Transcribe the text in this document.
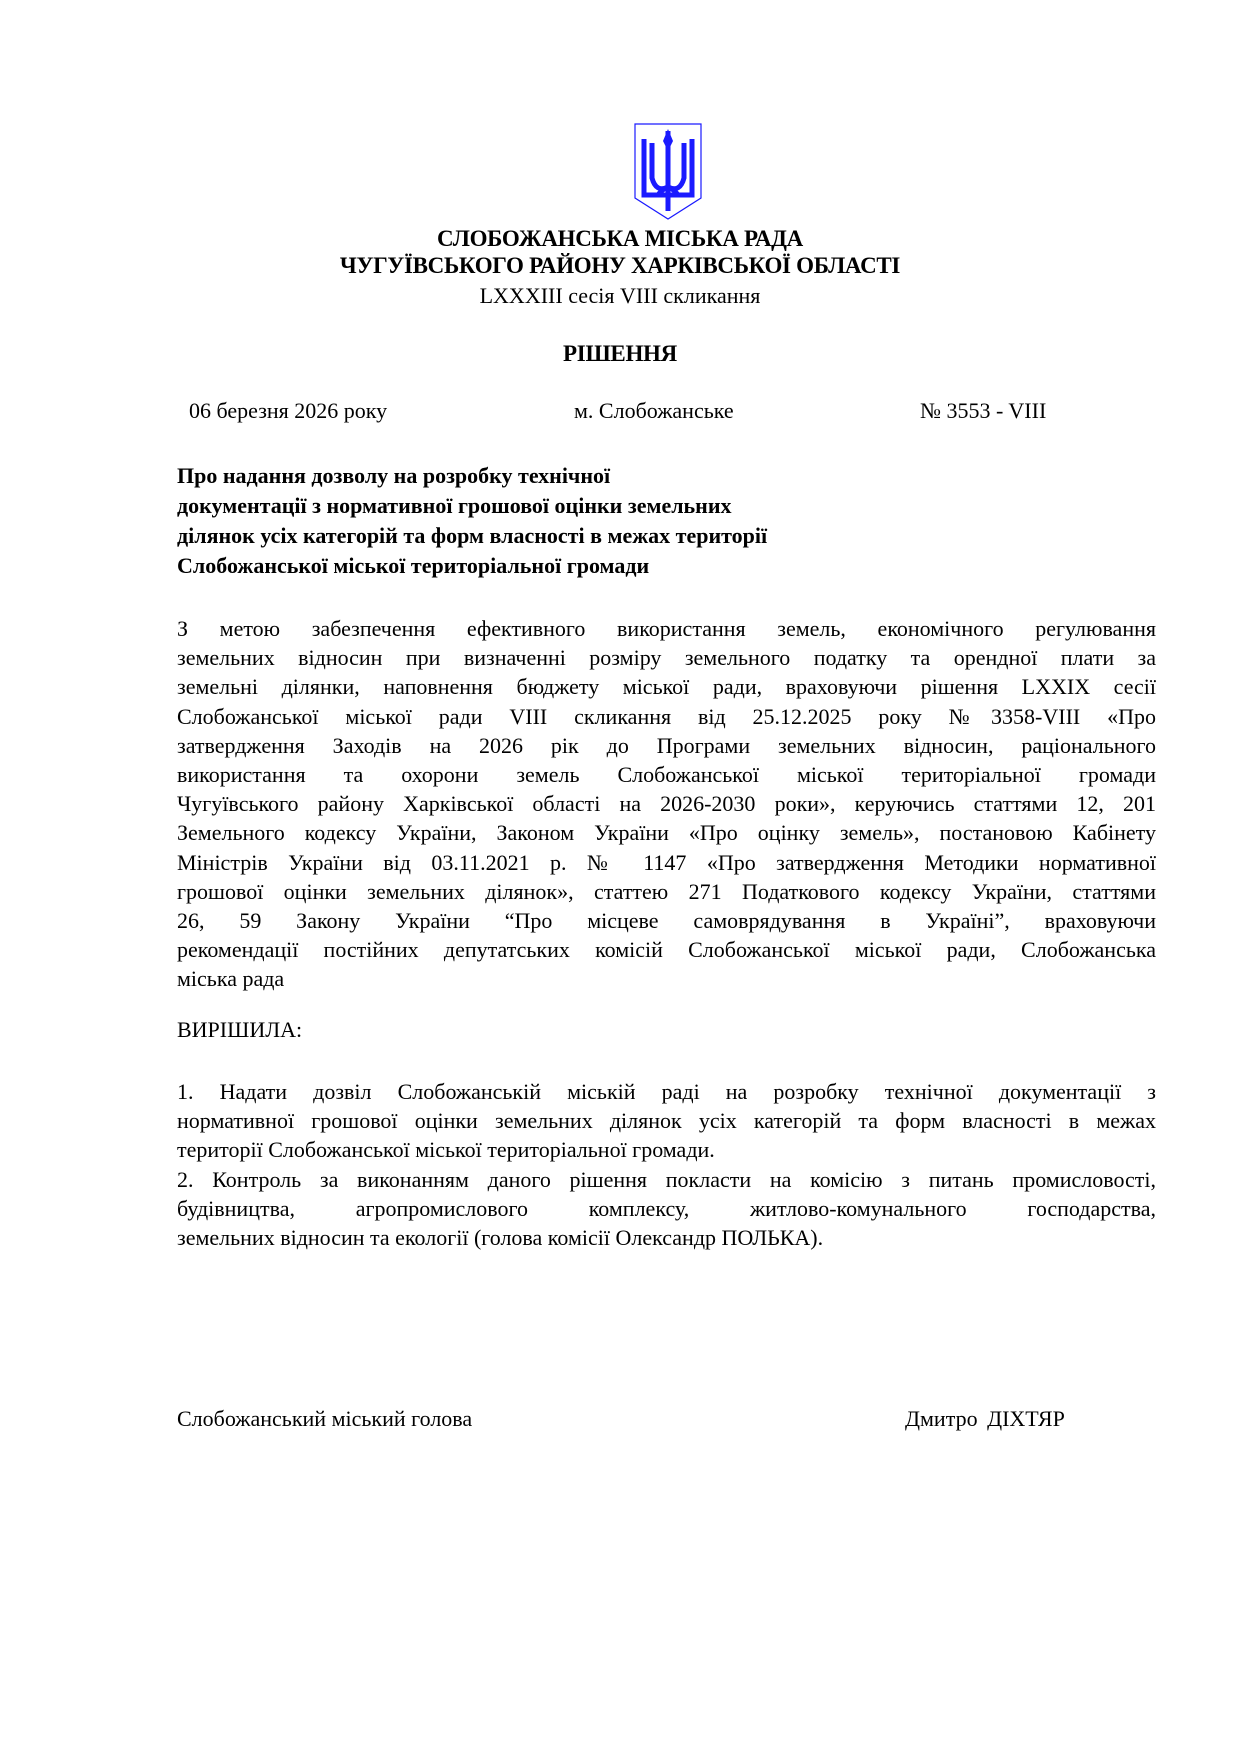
СЛОБОЖАНСЬКА МІСЬКА РАДА
ЧУГУЇВСЬКОГО РАЙОНУ ХАРКІВСЬКОЇ ОБЛАСТІ
LXXXIII сесія VIII скликання
РІШЕННЯ
06 березня 2026 року	м. Слобожанське	№ 3553 - VIII
Про надання дозволу на розробку технічної
документації з нормативної грошової оцінки земельних
ділянок усіх категорій та форм власності в межах території
Слобожанської міської територіальної громади
З метою забезпечення ефективного використання земель, економічного регулювання
земельних відносин при визначенні розміру земельного податку та орендної плати за
земельні ділянки, наповнення бюджету міської ради, враховуючи рішення LXXIX сесії
Слобожанської міської ради VIII скликання від 25.12.2025 року №3358-VIII «Про
затвердження Заходів на 2026 рік до Програми земельних відносин, раціонального
використання та охорони земель Слобожанської міської територіальної громади
Чугуївського району Харківської області на 2026-2030 роки», керуючись статтями 12, 201
Земельного кодексу України, Законом України «Про оцінку земель», постановою Кабінету
Міністрів України від 03.11.2021 р. № 1147 «Про затвердження Методики нормативної
грошової оцінки земельних ділянок», статтею 271 Податкового кодексу України, статтями
26, 59 Закону України “Про місцеве самоврядування в Україні”, враховуючи
рекомендації постійних депутатських комісій Слобожанської міської ради, Слобожанська
міська рада
ВИРІШИЛА:
1. Надати дозвіл Слобожанській міській раді на розробку технічної документації з
нормативної грошової оцінки земельних ділянок усіх категорій та форм власності в межах
території Слобожанської міської територіальної громади.
2. Контроль за виконанням даного рішення покласти на комісію з питань промисловості,
будівництва, агропромислового комплексу, житлово-комунального господарства,
земельних відносин та екології (голова комісії Олександр ПОЛЬКА).
Слобожанський міський голова	Дмитро ДІХТЯР
